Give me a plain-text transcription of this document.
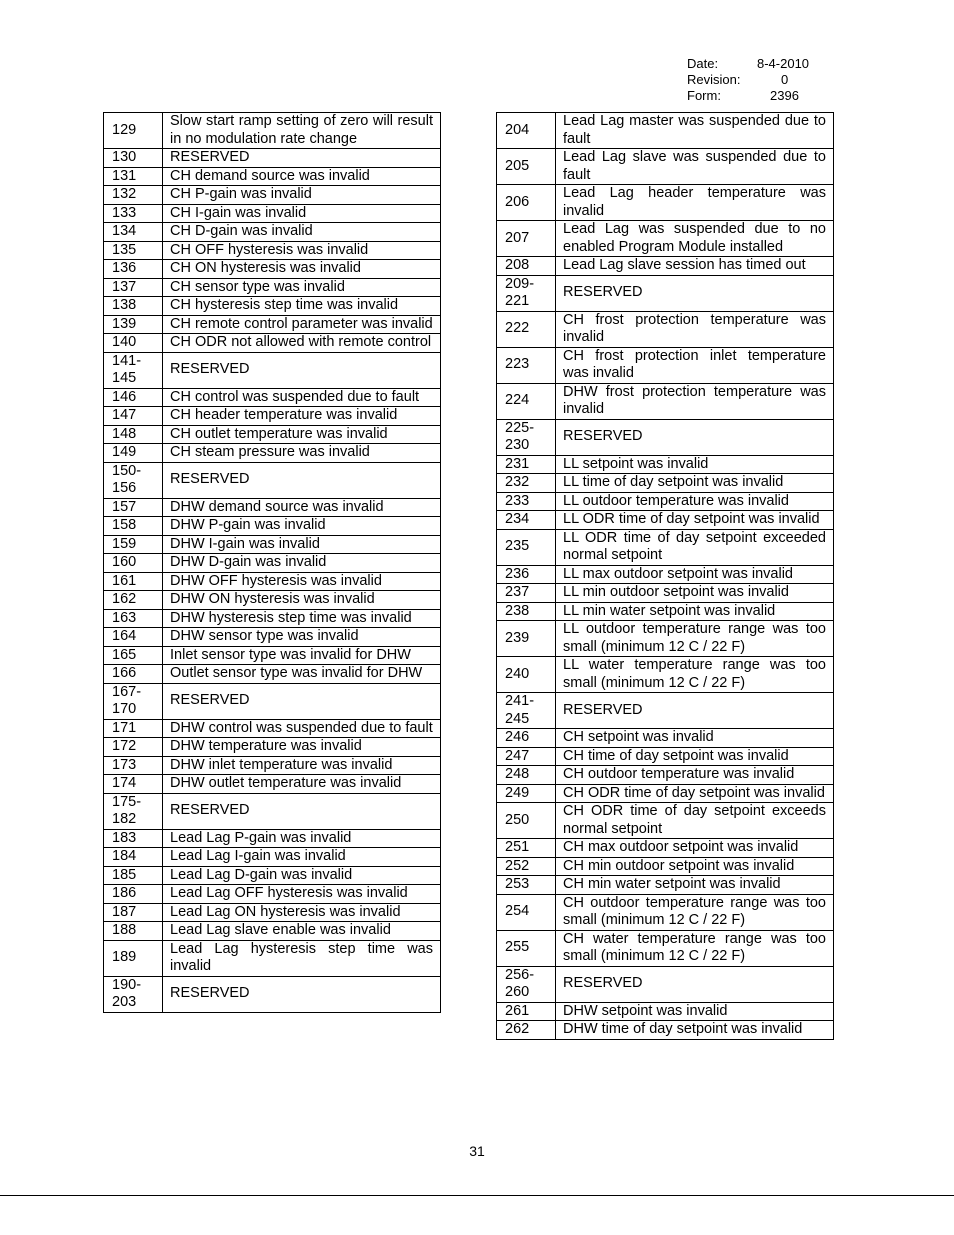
Date:	8-4-2010
Revision:	0
Form:	2396
129	Slow start ramp setting of zero will result in no modulation rate change
130	RESERVED
131	CH demand source was invalid
132	CH P-gain was invalid
133	CH I-gain was invalid
134	CH D-gain was invalid
135	CH OFF hysteresis was invalid
136	CH ON hysteresis was invalid
137	CH sensor type was invalid
138	CH hysteresis step time was invalid
139	CH remote control parameter was invalid
140	CH ODR not allowed with remote control
141-145	RESERVED
146	CH control was suspended due to fault
147	CH header temperature was invalid
148	CH outlet temperature was invalid
149	CH steam pressure was invalid
150-156	RESERVED
157	DHW demand source was invalid
158	DHW P-gain was invalid
159	DHW I-gain was invalid
160	DHW D-gain was invalid
161	DHW OFF hysteresis was invalid
162	DHW ON hysteresis was invalid
163	DHW hysteresis step time was invalid
164	DHW sensor type was invalid
165	Inlet sensor type was invalid for DHW
166	Outlet sensor type was invalid for DHW
167-170	RESERVED
171	DHW control was suspended due to fault
172	DHW temperature was invalid
173	DHW inlet temperature was invalid
174	DHW outlet temperature was invalid
175-182	RESERVED
183	Lead Lag P-gain was invalid
184	Lead Lag I-gain was invalid
185	Lead Lag D-gain was invalid
186	Lead Lag OFF hysteresis was invalid
187	Lead Lag ON hysteresis was invalid
188	Lead Lag slave enable was invalid
189	Lead Lag hysteresis step time was invalid
190-203	RESERVED
204	Lead Lag master was suspended due to fault
205	Lead Lag slave was suspended due to fault
206	Lead Lag header temperature was invalid
207	Lead Lag was suspended due to no enabled Program Module installed
208	Lead Lag slave session has timed out
209-221	RESERVED
222	CH frost protection temperature was invalid
223	CH frost protection inlet temperature was invalid
224	DHW frost protection temperature was invalid
225-230	RESERVED
231	LL setpoint was invalid
232	LL time of day setpoint was invalid
233	LL outdoor temperature was invalid
234	LL ODR time of day setpoint was invalid
235	LL ODR time of day setpoint exceeded normal setpoint
236	LL max outdoor setpoint was invalid
237	LL min outdoor setpoint was invalid
238	LL min water setpoint was invalid
239	LL outdoor temperature range was too small (minimum 12 C / 22 F)
240	LL water temperature range was too small (minimum 12 C / 22 F)
241-245	RESERVED
246	CH setpoint was invalid
247	CH time of day setpoint was invalid
248	CH outdoor temperature was invalid
249	CH ODR time of day setpoint was invalid
250	CH ODR time of day setpoint exceeds normal setpoint
251	CH max outdoor setpoint was invalid
252	CH min outdoor setpoint was invalid
253	CH min water setpoint was invalid
254	CH outdoor temperature range was too small (minimum 12 C / 22 F)
255	CH water temperature range was too small (minimum 12 C / 22 F)
256-260	RESERVED
261	DHW setpoint was invalid
262	DHW time of day setpoint was invalid
31
